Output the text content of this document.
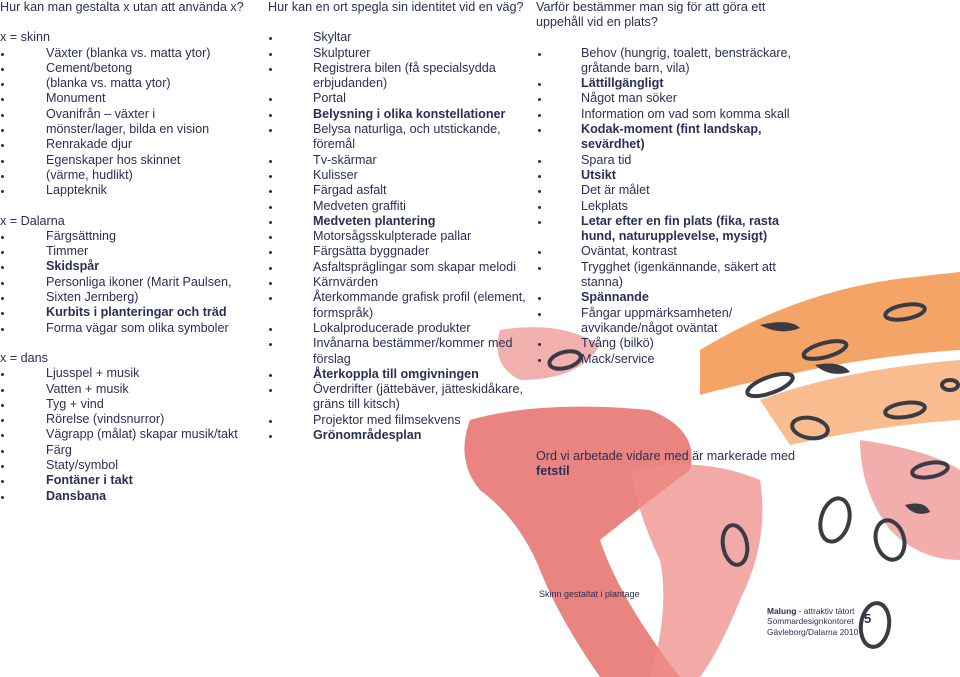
Hur kan man gestalta x utan att använda x?

x = skinn

Växter (blanka vs. matta ytor)
Cement/betong
(blanka vs. matta ytor)
Monument
Ovanifrån – växter i
mönster/lager, bilda en vision
Renrakade djur
Egenskaper hos skinnet
(värme, hudlikt)
Lappteknik

x = Dalarna

Färgsättning
Timmer
Skidspår
Personliga ikoner (Marit Paulsen,
Sixten Jernberg)
Kurbits i planteringar och träd
Forma vägar som olika symboler

x = dans

Ljusspel + musik
Vatten + musik
Tyg + vind
Rörelse (vindsnurror)
Vägrapp (målat) skapar musik/takt
Färg
Staty/symbol
Fontäner i takt
Dansbana

Hur kan en ort spegla sin identitet vid en väg?

Skyltar
Skulpturer
Registrera bilen (få specialsydda erbjudanden)
Portal
Belysning i olika konstellationer
Belysa naturliga, och utstickande, föremål
Tv-skärmar
Kulisser
Färgad asfalt
Medveten graffiti
Medveten plantering
Motorsågsskulpterade pallar
Färgsätta byggnader
Asfaltspräglingar som skapar melodi
Kärnvärden
Återkommande grafisk profil (element, formspråk)
Lokalproducerade produkter
Invånarna bestämmer/kommer med förslag
Återkoppla till omgivningen
Överdrifter (jättebäver, jätteskidåkare, gräns till kitsch)
Projektor med filmsekvens
Grönområdesplan

Varför bestämmer man sig för att göra ett uppehåll vid en plats?

Behov (hungrig, toalett, bensträckare, gråtande barn, vila)
Lättillgängligt
Något man söker
Information om vad som komma skall
Kodak-moment (fint landskap, sevärdhet)
Spara tid
Utsikt
Det är målet
Lekplats
Letar efter en fin plats (fika, rasta hund, naturupplevelse, mysigt)
Oväntat, kontrast
Trygghet (igenkännande, säkert att stanna)
Spännande
Fångar uppmärksamheten/ avvikande/något oväntat
Tvång (bilkö)
Mack/service

Ord vi arbetade vidare med är markerade med fetstil

Skinn gestaltat i plantage

Malung - attraktiv tätort
Sommardesignkontoret
Gävleborg/Dalarna 2010

5
